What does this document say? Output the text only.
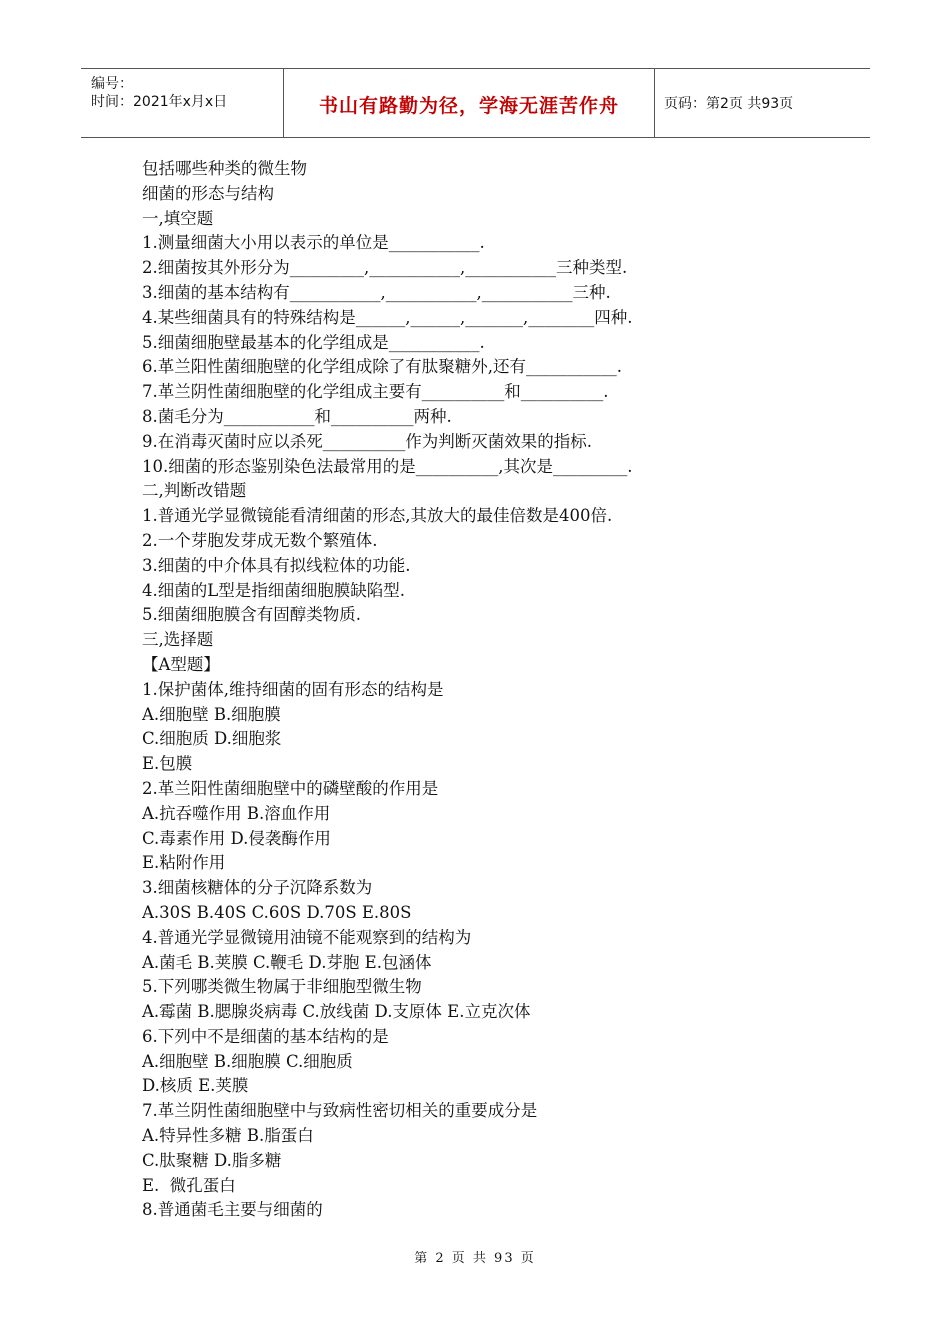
编号：
时间：2021年x月x日	书山有路勤为径，学海无涯苦作舟	页码：第2页 共93页
包括哪些种类的微生物
细菌的形态与结构
一,填空题
1.测量细菌大小用以表示的单位是___________.
2.细菌按其外形分为_________,___________,___________三种类型.
3.细菌的基本结构有___________,___________,___________三种.
4.某些细菌具有的特殊结构是______,______,_______,________四种.
5.细菌细胞壁最基本的化学组成是___________.
6.革兰阳性菌细胞壁的化学组成除了有肽聚糖外,还有___________.
7.革兰阴性菌细胞壁的化学组成主要有__________和__________.
8.菌毛分为___________和__________两种.
9.在消毒灭菌时应以杀死__________作为判断灭菌效果的指标.
10.细菌的形态鉴别染色法最常用的是__________,其次是_________.
二,判断改错题
1.普通光学显微镜能看清细菌的形态,其放大的最佳倍数是400倍.
2.一个芽胞发芽成无数个繁殖体.
3.细菌的中介体具有拟线粒体的功能.
4.细菌的L型是指细菌细胞膜缺陷型.
5.细菌细胞膜含有固醇类物质.
三,选择题
【A型题】
1.保护菌体,维持细菌的固有形态的结构是
A.细胞壁 B.细胞膜
C.细胞质 D.细胞浆
E.包膜
2.革兰阳性菌细胞壁中的磷壁酸的作用是
A.抗吞噬作用 B.溶血作用
C.毒素作用 D.侵袭酶作用
E.粘附作用
3.细菌核糖体的分子沉降系数为
A.30S B.40S C.60S D.70S E.80S
4.普通光学显微镜用油镜不能观察到的结构为
A.菌毛 B.荚膜 C.鞭毛 D.芽胞 E.包涵体
5.下列哪类微生物属于非细胞型微生物
A.霉菌 B.腮腺炎病毒 C.放线菌 D.支原体 E.立克次体
6.下列中不是细菌的基本结构的是
A.细胞壁 B.细胞膜 C.细胞质
D.核质 E.荚膜
7.革兰阴性菌细胞壁中与致病性密切相关的重要成分是
A.特异性多糖 B.脂蛋白
C.肽聚糖 D.脂多糖
E.  微孔蛋白
8.普通菌毛主要与细菌的
第 2 页 共 93 页
